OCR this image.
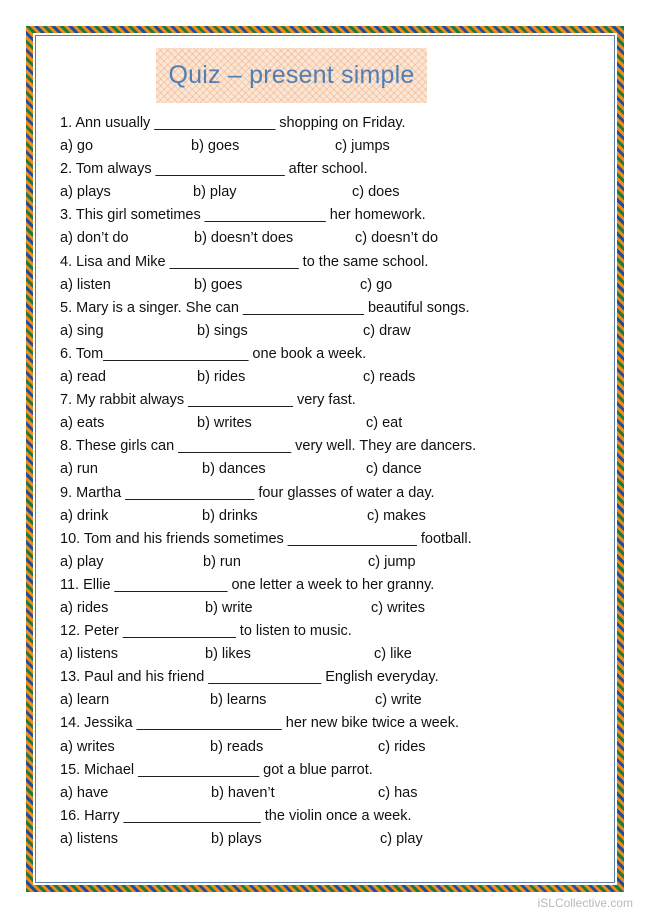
Quiz – present simple
1. Ann usually _______________ shopping on Friday.
a) go	b) goes	c) jumps
2. Tom always ________________ after school.
a) plays	b) play	c) does
3. This girl sometimes _______________ her homework.
a) don’t do	b) doesn’t does	c) doesn’t do
4. Lisa and Mike ________________ to the same school.
a) listen	b) goes	c) go
5. Mary is a singer. She can _______________ beautiful songs.
a) sing	b) sings	c) draw
6. Tom__________________ one book a week.
a) read	b) rides	c) reads
7. My rabbit always _____________ very fast.
a) eats	b) writes	c) eat
8. These girls can ______________ very well. They are dancers.
a) run	b) dances	c) dance
9. Martha ________________ four glasses of water a day.
a) drink	b) drinks	c) makes
10. Tom and his friends sometimes ________________ football.
a) play	b) run	c) jump
11. Ellie ______________ one letter a week to her granny.
a) rides	b) write	c) writes
12. Peter ______________ to listen to music.
a) listens	b) likes	c) like
13. Paul and his friend ______________ English everyday.
a) learn	b) learns	c) write
14. Jessika __________________ her new bike twice a week.
a) writes	b) reads	c) rides
15. Michael _______________ got a blue parrot.
a) have	b) haven’t	c) has
16. Harry _________________ the violin once a week.
a) listens	b) plays	c) play
iSLCollective.com
